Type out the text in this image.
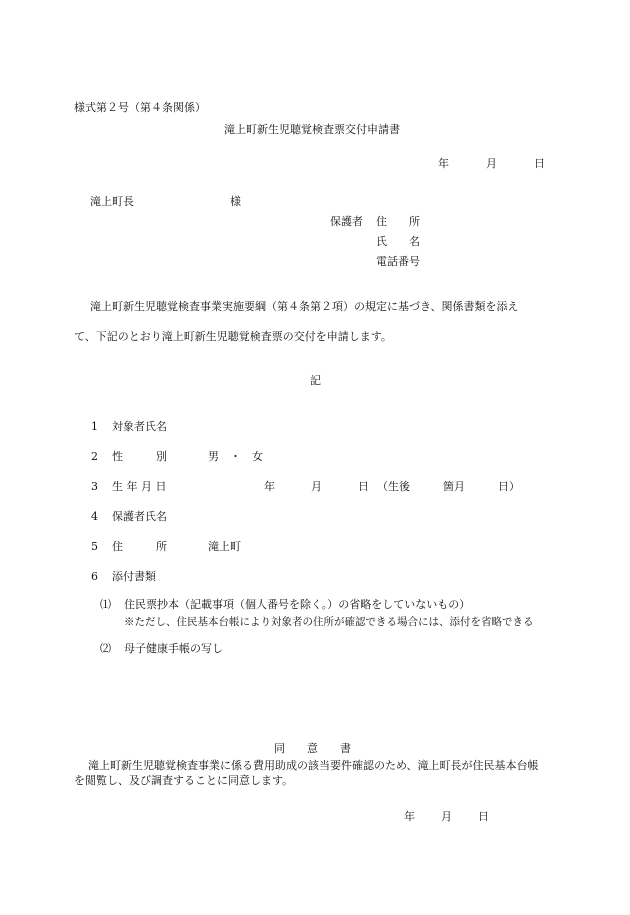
様式第２号（第４条関係）
滝上町新生児聴覚検査票交付申請書
年	月	日
滝上町長	様
保護者 住　　所
氏　　名
電話番号
滝上町新生児聴覚検査事業実施要綱（第４条第２項）の規定に基づき、関係書類を添え
て、下記のとおり滝上町新生児聴覚検査票の交付を申請します。
記
1 対象者氏名
2 性　　　別	男　・　女
3 生 年 月 日	年	月	日 （生後　　　箇月　　　日）
4 保護者氏名
5 住　　　所	滝上町
6 添付書類
⑴ 住民票抄本（記載事項（個人番号を除く。）の省略をしていないもの）
※ただし、住民基本台帳により対象者の住所が確認できる場合には、添付を省略できる
⑵ 母子健康手帳の写し
同　　意　　書
滝上町新生児聴覚検査事業に係る費用助成の該当要件確認のため、滝上町長が住民基本台帳
を閲覧し、及び調査することに同意します。
年 月 日
